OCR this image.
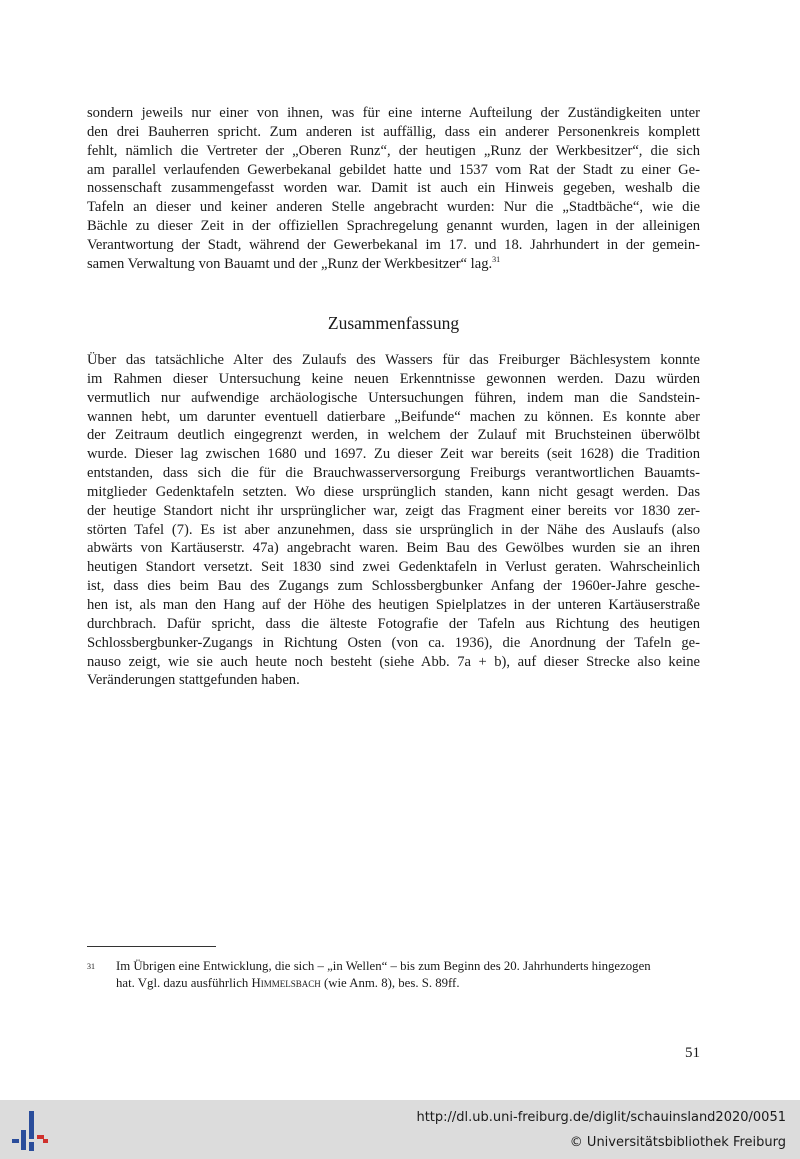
sondern jeweils nur einer von ihnen, was für eine interne Aufteilung der Zuständigkeiten unter
den drei Bauherren spricht. Zum anderen ist auffällig, dass ein anderer Personenkreis komplett
fehlt, nämlich die Vertreter der „Oberen Runz“, der heutigen „Runz der Werkbesitzer“, die sich
am parallel verlaufenden Gewerbekanal gebildet hatte und 1537 vom Rat der Stadt zu einer Ge-
nossenschaft zusammengefasst worden war. Damit ist auch ein Hinweis gegeben, weshalb die
Tafeln an dieser und keiner anderen Stelle angebracht wurden: Nur die „Stadtbäche“, wie die
Bächle zu dieser Zeit in der offiziellen Sprachregelung genannt wurden, lagen in der alleinigen
Verantwortung der Stadt, während der Gewerbekanal im 17. und 18. Jahrhundert in der gemein-
samen Verwaltung von Bauamt und der „Runz der Werkbesitzer“ lag.$^{31}$
Zusammenfassung
Über das tatsächliche Alter des Zulaufs des Wassers für das Freiburger Bächlesystem konnte
im Rahmen dieser Untersuchung keine neuen Erkenntnisse gewonnen werden. Dazu würden
vermutlich nur aufwendige archäologische Untersuchungen führen, indem man die Sandstein-
wannen hebt, um darunter eventuell datierbare „Beifunde“ machen zu können. Es konnte aber
der Zeitraum deutlich eingegrenzt werden, in welchem der Zulauf mit Bruchsteinen überwölbt
wurde. Dieser lag zwischen 1680 und 1697. Zu dieser Zeit war bereits (seit 1628) die Tradition
entstanden, dass sich die für die Brauchwasserversorgung Freiburgs verantwortlichen Bauamts-
mitglieder Gedenktafeln setzten. Wo diese ursprünglich standen, kann nicht gesagt werden. Das
der heutige Standort nicht ihr ursprünglicher war, zeigt das Fragment einer bereits vor 1830 zer-
störten Tafel (7). Es ist aber anzunehmen, dass sie ursprünglich in der Nähe des Auslaufs (also
abwärts von Kartäuserstr. 47a) angebracht waren. Beim Bau des Gewölbes wurden sie an ihren
heutigen Standort versetzt. Seit 1830 sind zwei Gedenktafeln in Verlust geraten. Wahrscheinlich
ist, dass dies beim Bau des Zugangs zum Schlossbergbunker Anfang der 1960er-Jahre gesche-
hen ist, als man den Hang auf der Höhe des heutigen Spielplatzes in der unteren Kartäuserstraße
durchbrach. Dafür spricht, dass die älteste Fotografie der Tafeln aus Richtung des heutigen
Schlossbergbunker-Zugangs in Richtung Osten (von ca. 1936), die Anordnung der Tafeln ge-
nauso zeigt, wie sie auch heute noch besteht (siehe Abb. 7a + b), auf dieser Strecke also keine
Veränderungen stattgefunden haben.
31 Im Übrigen eine Entwicklung, die sich – „in Wellen“ – bis zum Beginn des 20. Jahrhunderts hingezogen
hat. Vgl. dazu ausführlich Himmelsbach (wie Anm. 8), bes. S. 89ff.

51

http://dl.ub.uni-freiburg.de/diglit/schauinsland2020/0051
© Universitätsbibliothek Freiburg
